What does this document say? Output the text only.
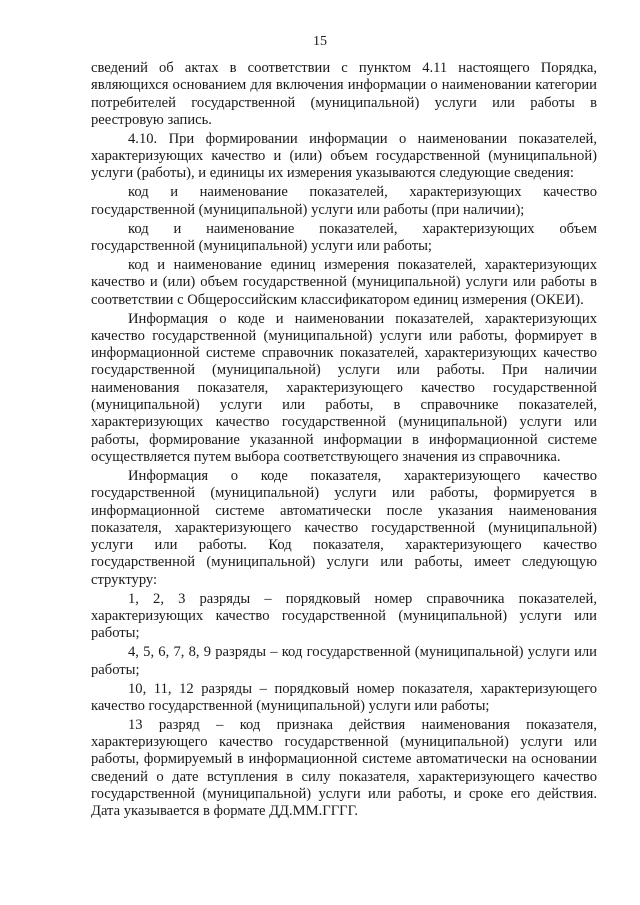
15

сведений об актах в соответствии с пунктом 4.11 настоящего Порядка, являющихся основанием для включения информации о наименовании категории потребителей государственной (муниципальной) услуги или работы в реестровую запись.

4.10. При формировании информации о наименовании показателей, характеризующих качество и (или) объем государственной (муниципальной) услуги (работы), и единицы их измерения указываются следующие сведения:

код и наименование показателей, характеризующих качество государственной (муниципальной) услуги или работы (при наличии);

код и наименование показателей, характеризующих объем государственной (муниципальной) услуги или работы;

код и наименование единиц измерения показателей, характеризующих качество и (или) объем государственной (муниципальной) услуги или работы в соответствии с Общероссийским классификатором единиц измерения (ОКЕИ).

Информация о коде и наименовании показателей, характеризующих качество государственной (муниципальной) услуги или работы, формирует в информационной системе справочник показателей, характеризующих качество государственной (муниципальной) услуги или работы. При наличии наименования показателя, характеризующего качество государственной (муниципальной) услуги или работы, в справочнике показателей, характеризующих качество государственной (муниципальной) услуги или работы, формирование указанной информации в информационной системе осуществляется путем выбора соответствующего значения из справочника.

Информация о коде показателя, характеризующего качество государственной (муниципальной) услуги или работы, формируется в информационной системе автоматически после указания наименования показателя, характеризующего качество государственной (муниципальной) услуги или работы. Код показателя, характеризующего качество государственной (муниципальной) услуги или работы, имеет следующую структуру:

1, 2, 3 разряды – порядковый номер справочника показателей, характеризующих качество государственной (муниципальной) услуги или работы;

4, 5, 6, 7, 8, 9 разряды – код государственной (муниципальной) услуги или работы;

10, 11, 12 разряды – порядковый номер показателя, характеризующего качество государственной (муниципальной) услуги или работы;

13 разряд – код признака действия наименования показателя, характеризующего качество государственной (муниципальной) услуги или работы, формируемый в информационной системе автоматически на основании сведений о дате вступления в силу показателя, характеризующего качество государственной (муниципальной) услуги или работы, и сроке его действия. Дата указывается в формате ДД.ММ.ГГГГ.
